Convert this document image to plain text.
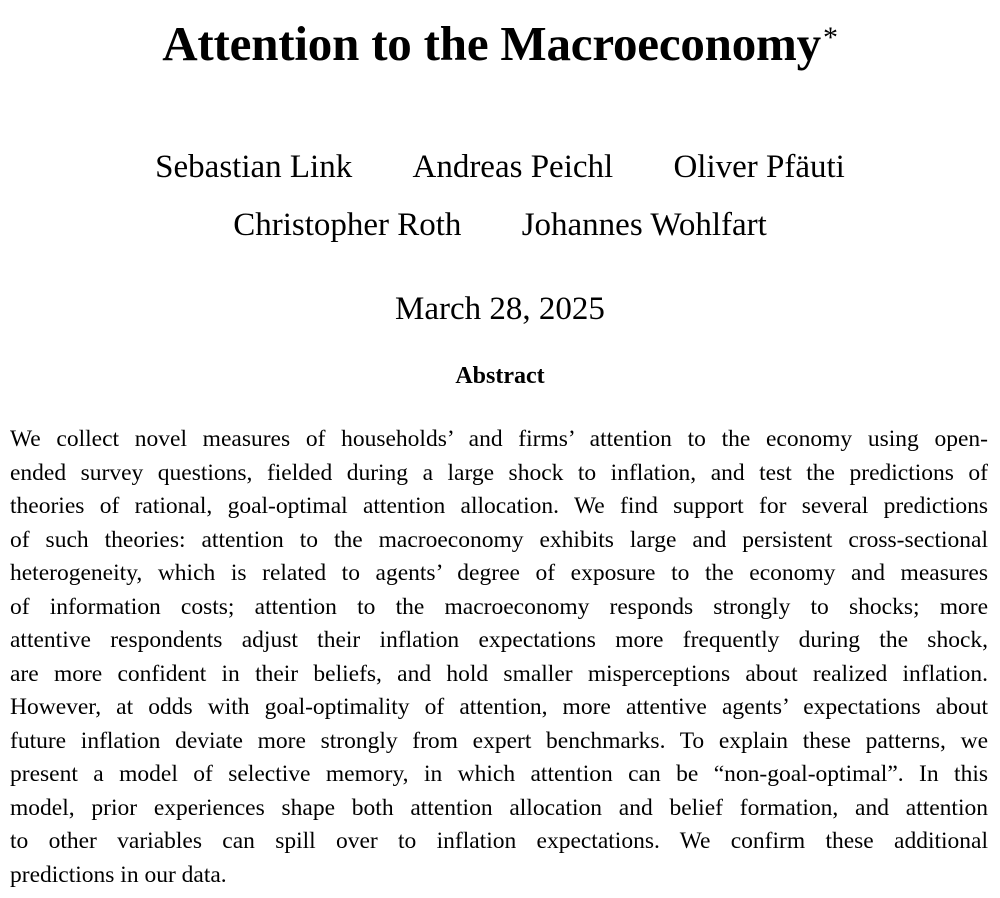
Attention to the Macroeconomy*
Sebastian Link Andreas Peichl Oliver Pfäuti
Christopher Roth Johannes Wohlfart
March 28, 2025
Abstract
We collect novel measures of households’ and firms’ attention to the economy using open-
ended survey questions, fielded during a large shock to inflation, and test the predictions of
theories of rational, goal-optimal attention allocation. We find support for several predictions
of such theories: attention to the macroeconomy exhibits large and persistent cross-sectional
heterogeneity, which is related to agents’ degree of exposure to the economy and measures
of information costs; attention to the macroeconomy responds strongly to shocks; more
attentive respondents adjust their inflation expectations more frequently during the shock,
are more confident in their beliefs, and hold smaller misperceptions about realized inflation.
However, at odds with goal-optimality of attention, more attentive agents’ expectations about
future inflation deviate more strongly from expert benchmarks. To explain these patterns, we
present a model of selective memory, in which attention can be “non-goal-optimal”. In this
model, prior experiences shape both attention allocation and belief formation, and attention
to other variables can spill over to inflation expectations. We confirm these additional
predictions in our data.
